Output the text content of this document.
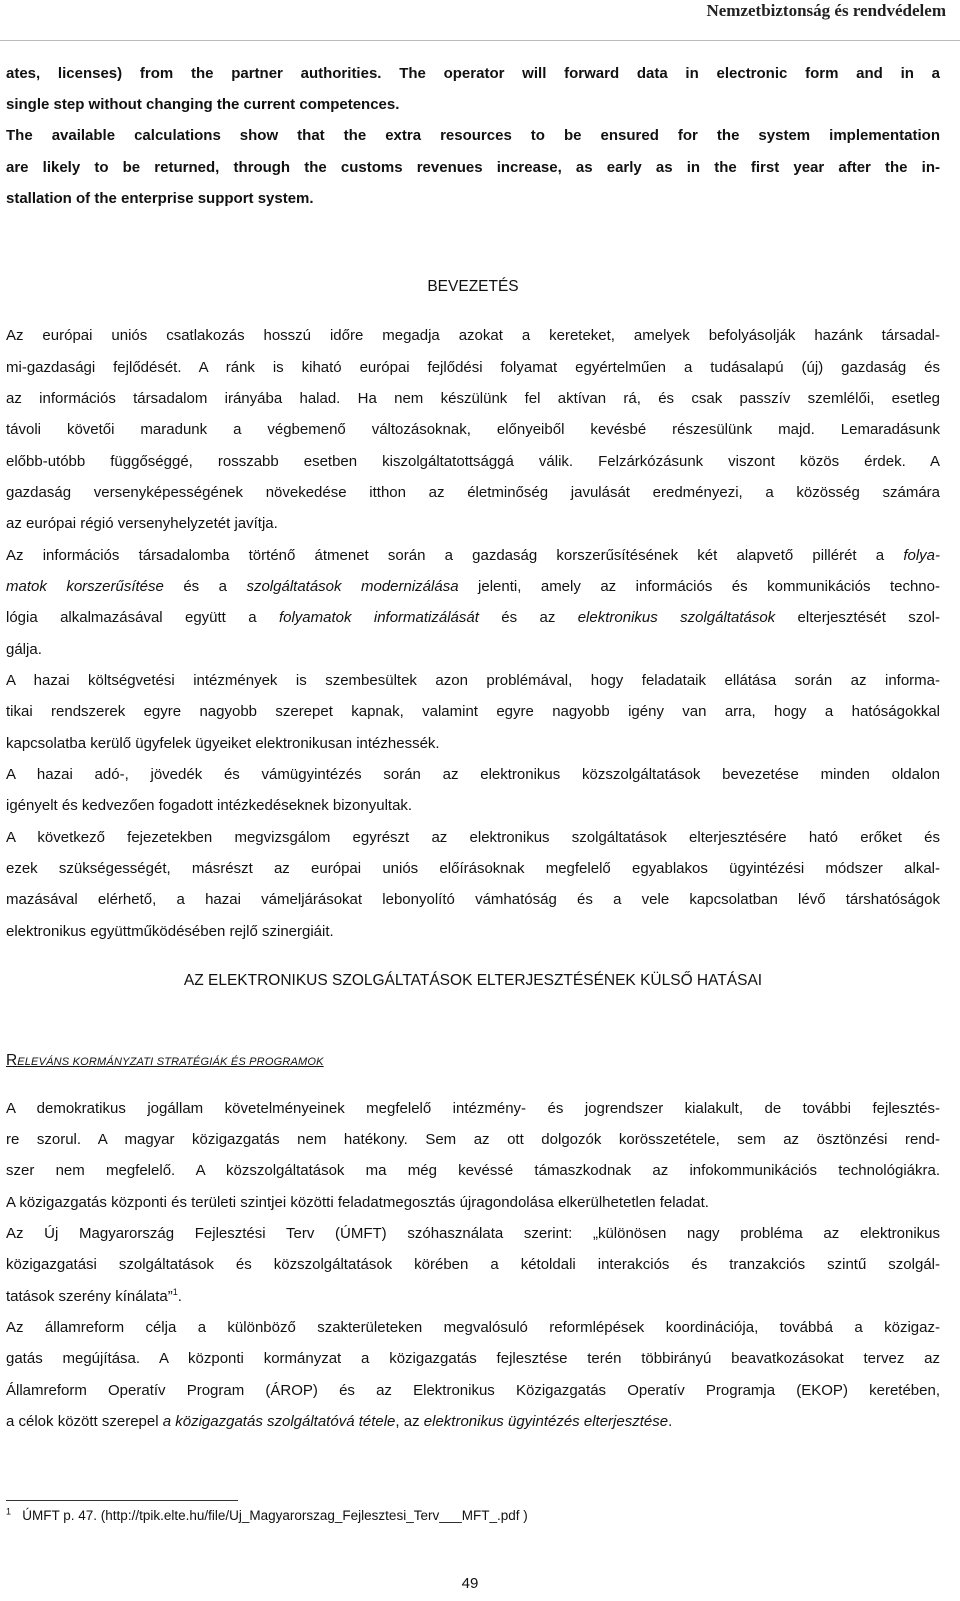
Nemzetbiztonság és rendvédelem
ates, licenses) from the partner authorities. The operator will forward data in electronic form and in a
single step without changing the current competences.
The available calculations show that the extra resources to be ensured for the system implementation
are likely to be returned, through the customs revenues increase, as early as in the first year after the in-
stallation of the enterprise support system.
BEVEZETÉS
Az európai uniós csatlakozás hosszú időre megadja azokat a kereteket, amelyek befolyásolják hazánk társadal-
mi-gazdasági fejlődését. A ránk is kiható európai fejlődési folyamat egyértelműen a tudásalapú (új) gazdaság és
az információs társadalom irányába halad. Ha nem készülünk fel aktívan rá, és csak passzív szemlélői, esetleg
távoli követői maradunk a végbemenő változásoknak, előnyeiből kevésbé részesülünk majd. Lemaradásunk
előbb-utóbb függőséggé, rosszabb esetben kiszolgáltatottsággá válik. Felzárkózásunk viszont közös érdek. A
gazdaság versenyképességének növekedése itthon az életminőség javulását eredményezi, a közösség számára
az európai régió versenyhelyzetét javítja.
Az információs társadalomba történő átmenet során a gazdaság korszerűsítésének két alapvető pillérét a folya-
matok korszerűsítése és a szolgáltatások modernizálása jelenti, amely az információs és kommunikációs techno-
lógia alkalmazásával együtt a folyamatok informatizálását és az elektronikus szolgáltatások elterjesztését szol-
gálja.
A hazai költségvetési intézmények is szembesültek azon problémával, hogy feladataik ellátása során az informa-
tikai rendszerek egyre nagyobb szerepet kapnak, valamint egyre nagyobb igény van arra, hogy a hatóságokkal
kapcsolatba kerülő ügyfelek ügyeiket elektronikusan intézhessék.
A hazai adó-, jövedék és vámügyintézés során az elektronikus közszolgáltatások bevezetése minden oldalon
igényelt és kedvezően fogadott intézkedéseknek bizonyultak.
A következő fejezetekben megvizsgálom egyrészt az elektronikus szolgáltatások elterjesztésére ható erőket és
ezek szükségességét, másrészt az európai uniós előírásoknak megfelelő egyablakos ügyintézési módszer alkal-
mazásával elérhető, a hazai vámeljárásokat lebonyolító vámhatóság és a vele kapcsolatban lévő társhatóságok
elektronikus együttműködésében rejlő szinergiáit.
AZ ELEKTRONIKUS SZOLGÁLTATÁSOK ELTERJESZTÉSÉNEK KÜLSŐ HATÁSAI
RELEVÁNS KORMÁNYZATI STRATÉGIÁK ÉS PROGRAMOK
A demokratikus jogállam követelményeinek megfelelő intézmény- és jogrendszer kialakult, de további fejlesztés-
re szorul. A magyar közigazgatás nem hatékony. Sem az ott dolgozók korösszetétele, sem az ösztönzési rend-
szer nem megfelelő. A közszolgáltatások ma még kevéssé támaszkodnak az infokommunikációs technológiákra.
A közigazgatás központi és területi szintjei közötti feladatmegosztás újragondolása elkerülhetetlen feladat.
Az Új Magyarország Fejlesztési Terv (ÚMFT) szóhasználata szerint: „különösen nagy probléma az elektronikus
közigazgatási szolgáltatások és közszolgáltatások körében a kétoldali interakciós és tranzakciós szintű szolgál-
tatások szerény kínálata”$^1$.
Az államreform célja a különböző szakterületeken megvalósuló reformlépések koordinációja, továbbá a közigaz-
gatás megújítása. A központi kormányzat a közigazgatás fejlesztése terén többirányú beavatkozásokat tervez az
Államreform Operatív Program (ÁROP) és az Elektronikus Közigazgatás Operatív Programja (EKOP) keretében,
a célok között szerepel a közigazgatás szolgáltatóvá tétele, az elektronikus ügyintézés elterjesztése.
$^1$ ÚMFT p. 47. (http://tpik.elte.hu/file/Uj_Magyarorszag_Fejlesztesi_Terv___MFT_.pdf )
49
